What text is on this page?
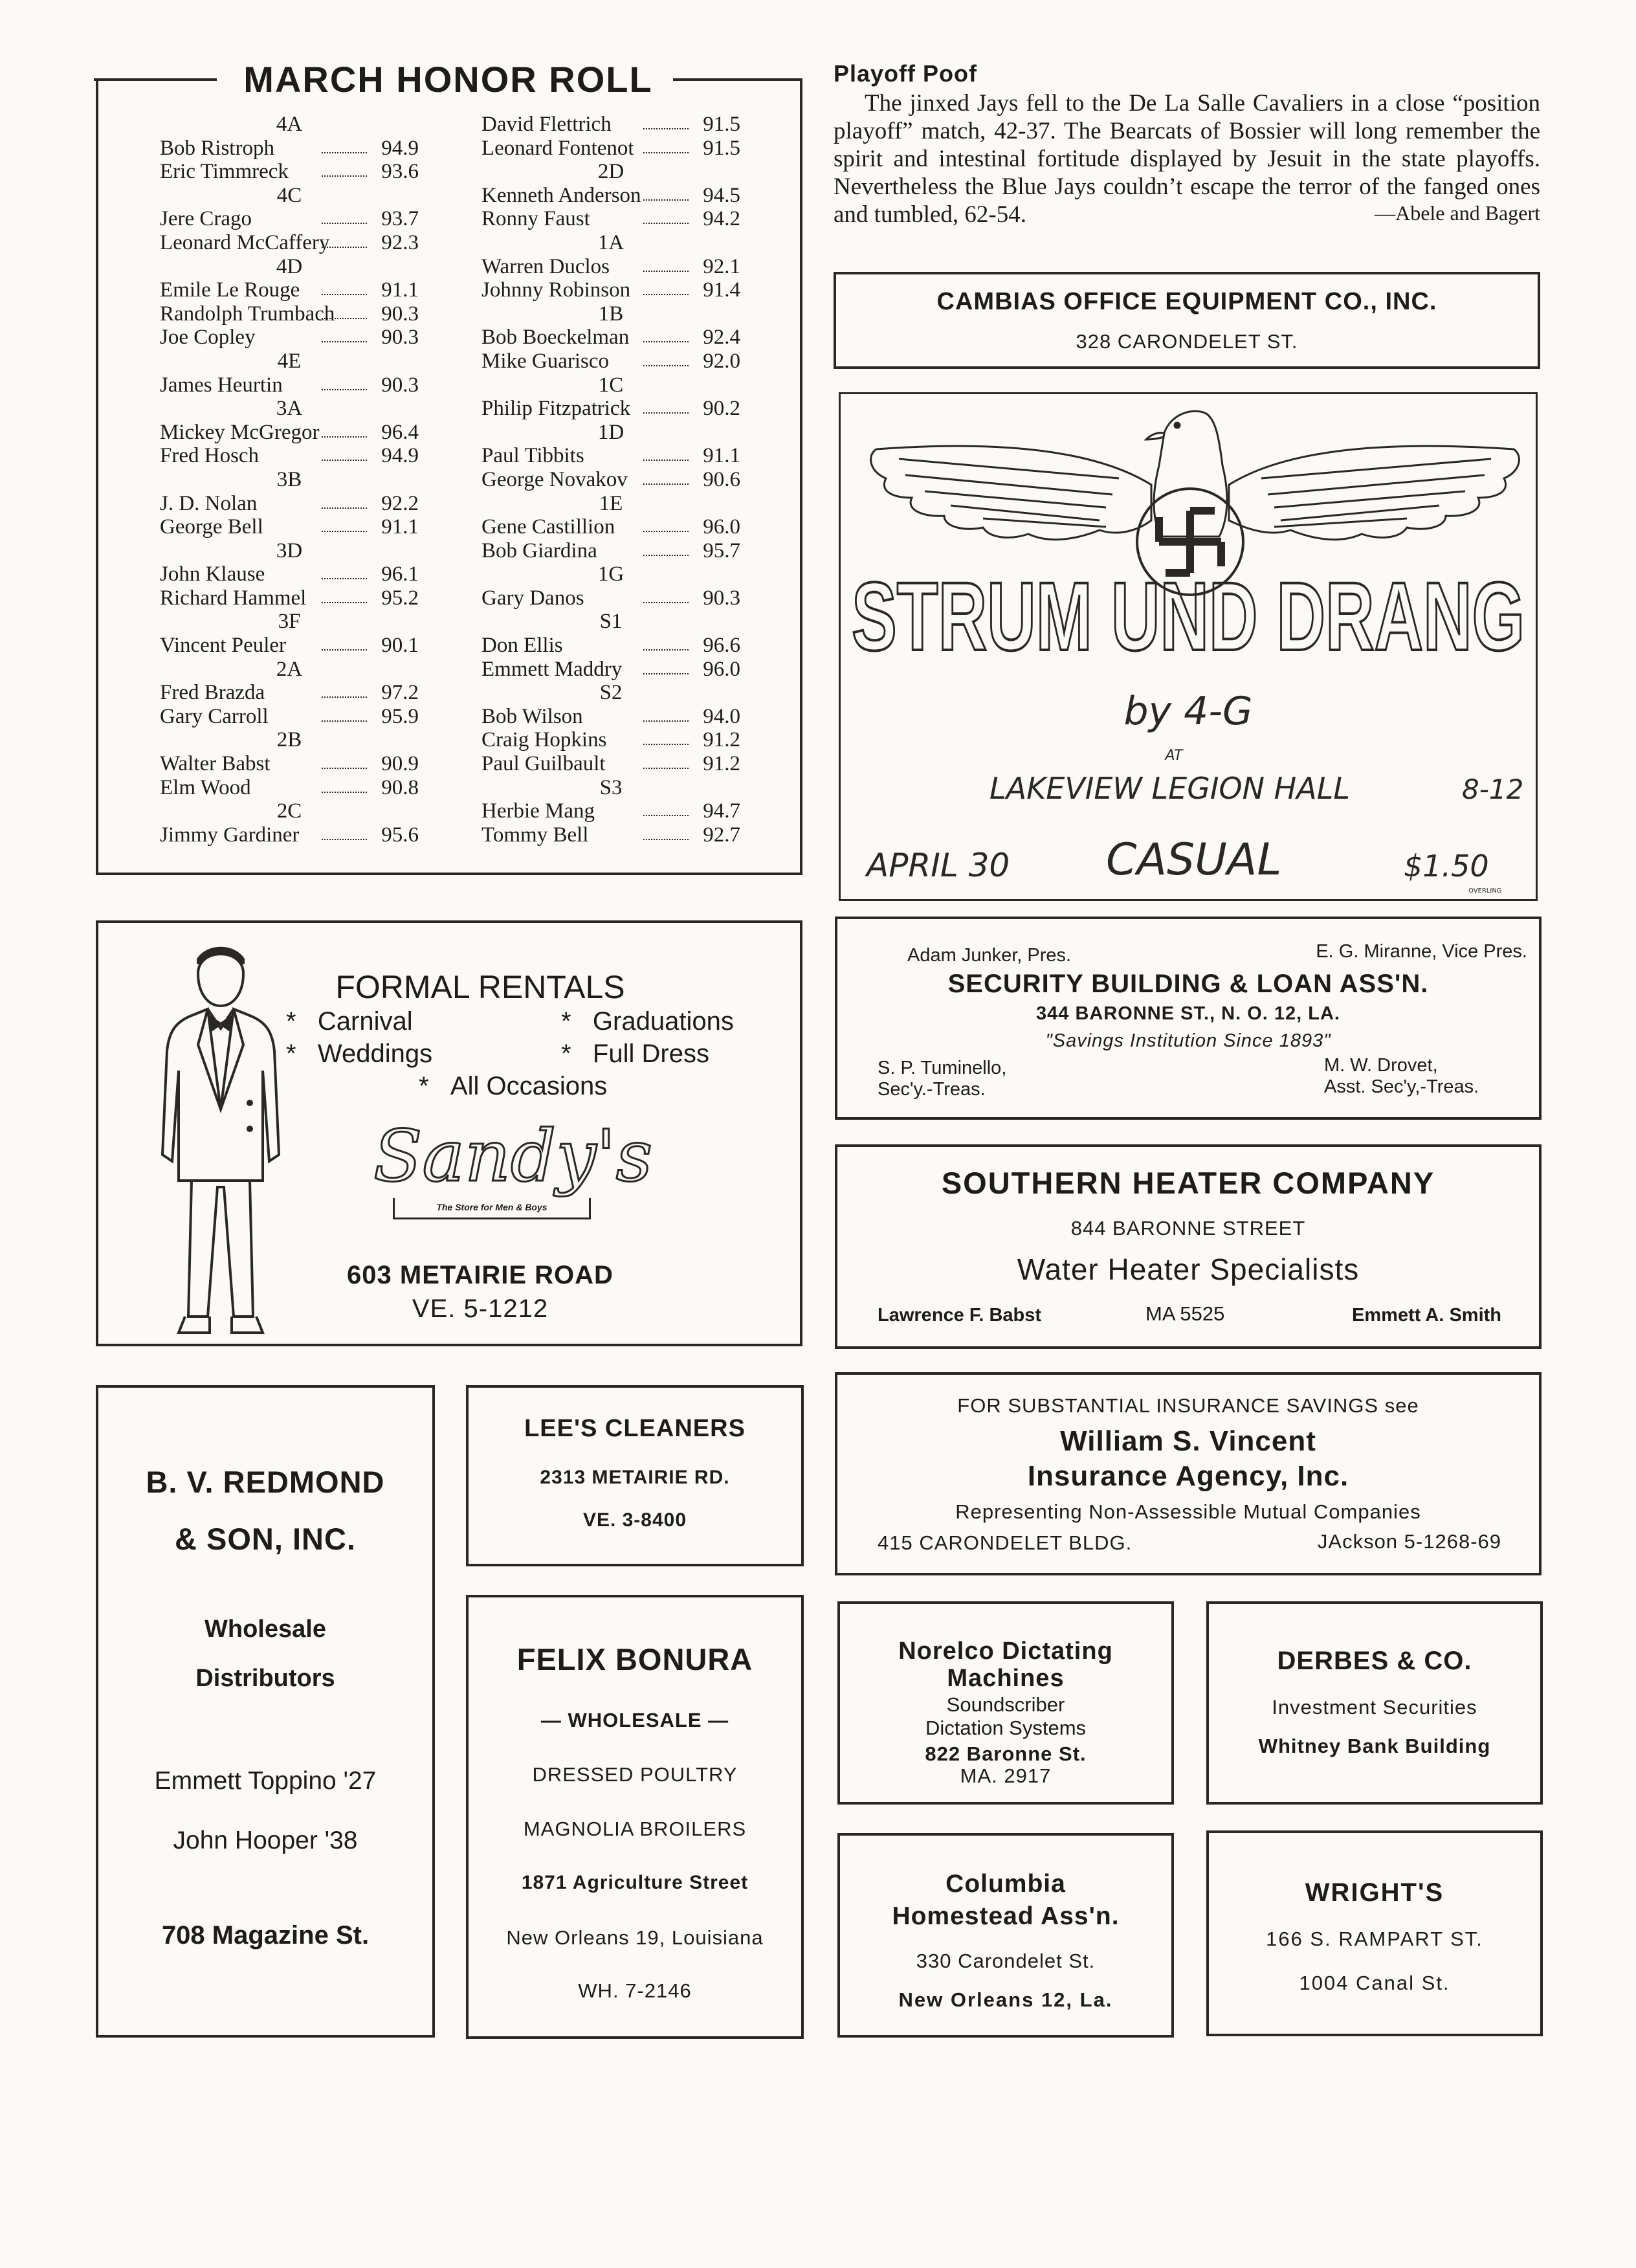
MARCH HONOR ROLL
4A
Bob Ristroph	94.9
Eric Timmreck	93.6
4C
Jere Crago	93.7
Leonard McCaffery 92.3
4D
Emile Le Rouge	91.1
Randolph Trumbach 90.3
Joe Copley	90.3
4E
James Heurtin	90.3
3A
Mickey McGregor	96.4
Fred Hosch	94.9
3B
J. D. Nolan	92.2
George Bell	91.1
3D
John Klause	96.1
Richard Hammel	95.2
3F
Vincent Peuler	90.1
2A
Fred Brazda	97.2
Gary Carroll	95.9
2B
Walter Babst	90.9
Elm Wood	90.8
2C
Jimmy Gardiner	95.6
David Flettrich	91.5
Leonard Fontenot	91.5
2D
Kenneth Anderson	94.5
Ronny Faust	94.2
1A
Warren Duclos	92.1
Johnny Robinson	91.4
1B
Bob Boeckelman	92.4
Mike Guarisco	92.0
1C
Philip Fitzpatrick	90.2
1D
Paul Tibbits	91.1
George Novakov	90.6
1E
Gene Castillion	96.0
Bob Giardina	95.7
1G
Gary Danos	90.3
S1
Don Ellis	96.6
Emmett Maddry	96.0
S2
Bob Wilson	94.0
Craig Hopkins	91.2
Paul Guilbault	91.2
S3
Herbie Mang	94.7
Tommy Bell	92.7
Playoff Poof
The jinxed Jays fell to the De La Salle Cavaliers in a close “position playoff” match, 42-37. The Bearcats of Bossier will long remember the spirit and intestinal fortitude displayed by Jesuit in the state playoffs. Nevertheless the Blue Jays couldn’t escape the terror of the fanged ones and tumbled, 62-54.	—Abele and Bagert
CAMBIAS OFFICE EQUIPMENT CO., INC.
328 CARONDELET ST.
STRUM UND DRANG
by 4-G
AT
LAKEVIEW LEGION HALL	8-12
APRIL 30 CASUAL	$1.50
OVERLING
FORMAL RENTALS
* Carnival	* Graduations
* Weddings	* Full Dress
* All Occasions
Sandy's
The Store for Men & Boys
603 METAIRIE ROAD
VE. 5-1212
Adam Junker, Pres.	E. G. Miranne, Vice Pres.
SECURITY BUILDING & LOAN ASS'N.
344 BARONNE ST., N. O. 12, LA.
"Savings Institution Since 1893"
S. P. Tuminello,
Sec'y.-Treas.
M. W. Drovet,
Asst. Sec'y,-Treas.
SOUTHERN HEATER COMPANY
844 BARONNE STREET
Water Heater Specialists
Lawrence F. Babst	MA 5525	Emmett A. Smith
B. V. REDMOND
& SON, INC.
Wholesale
Distributors
Emmett Toppino '27
John Hooper '38
708 Magazine St.
LEE'S CLEANERS
2313 METAIRIE RD.
VE. 3-8400
FELIX BONURA
— WHOLESALE —
DRESSED POULTRY
MAGNOLIA BROILERS
1871 Agriculture Street
New Orleans 19, Louisiana
WH. 7-2146
FOR SUBSTANTIAL INSURANCE SAVINGS see
William S. Vincent
Insurance Agency, Inc.
Representing Non-Assessible Mutual Companies
415 CARONDELET BLDG.	JAckson 5-1268-69
Norelco Dictating
Machines
Soundscriber
Dictation Systems
822 Baronne St.
MA. 2917
DERBES & CO.
Investment Securities
Whitney Bank Building
Columbia
Homestead Ass'n.
330 Carondelet St.
New Orleans 12, La.
WRIGHT'S
166 S. RAMPART ST.
1004 Canal St.
